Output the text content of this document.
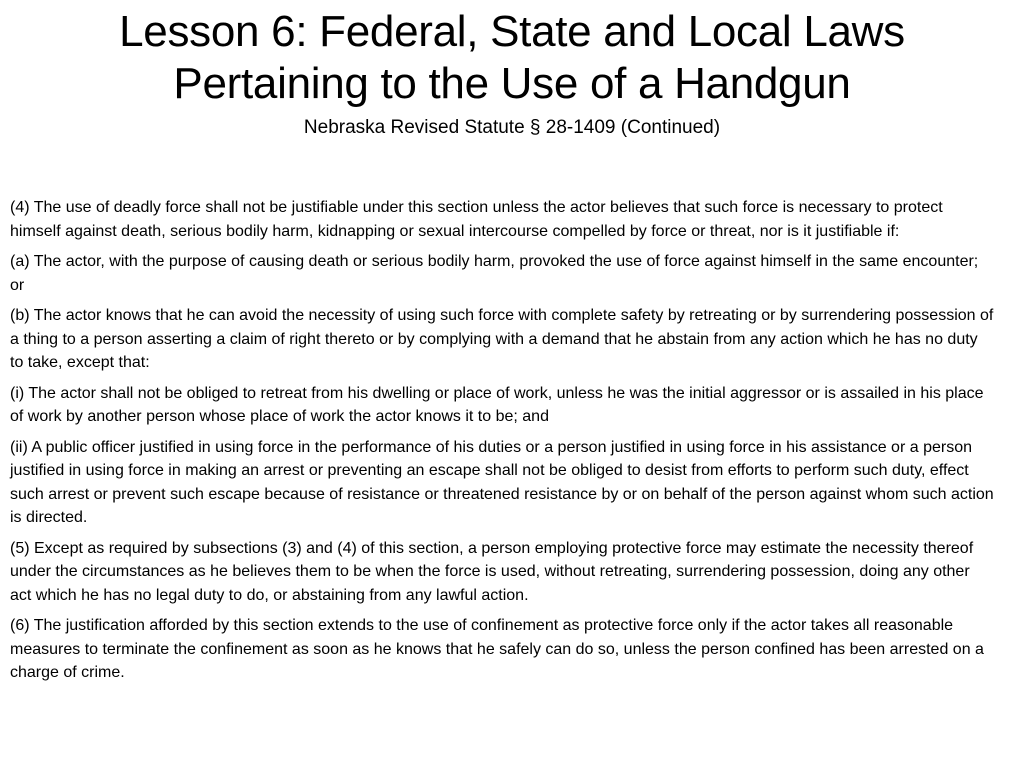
Lesson 6: Federal, State and Local Laws
Pertaining to the Use of a Handgun
Nebraska Revised Statute § 28-1409 (Continued)

(4) The use of deadly force shall not be justifiable under this section unless the actor believes that such force is necessary to protect himself against death, serious bodily harm, kidnapping or sexual intercourse compelled by force or threat, nor is it justifiable if:

(a) The actor, with the purpose of causing death or serious bodily harm, provoked the use of force against himself in the same encounter; or

(b) The actor knows that he can avoid the necessity of using such force with complete safety by retreating or by surrendering possession of a thing to a person asserting a claim of right thereto or by complying with a demand that he abstain from any action which he has no duty to take, except that:

(i) The actor shall not be obliged to retreat from his dwelling or place of work, unless he was the initial aggressor or is assailed in his place of work by another person whose place of work the actor knows it to be; and

(ii) A public officer justified in using force in the performance of his duties or a person justified in using force in his assistance or a person justified in using force in making an arrest or preventing an escape shall not be obliged to desist from efforts to perform such duty, effect such arrest or prevent such escape because of resistance or threatened resistance by or on behalf of the person against whom such action is directed.

(5) Except as required by subsections (3) and (4) of this section, a person employing protective force may estimate the necessity thereof under the circumstances as he believes them to be when the force is used, without retreating, surrendering possession, doing any other act which he has no legal duty to do, or abstaining from any lawful action.

(6) The justification afforded by this section extends to the use of confinement as protective force only if the actor takes all reasonable measures to terminate the confinement as soon as he knows that he safely can do so, unless the person confined has been arrested on a charge of crime.
